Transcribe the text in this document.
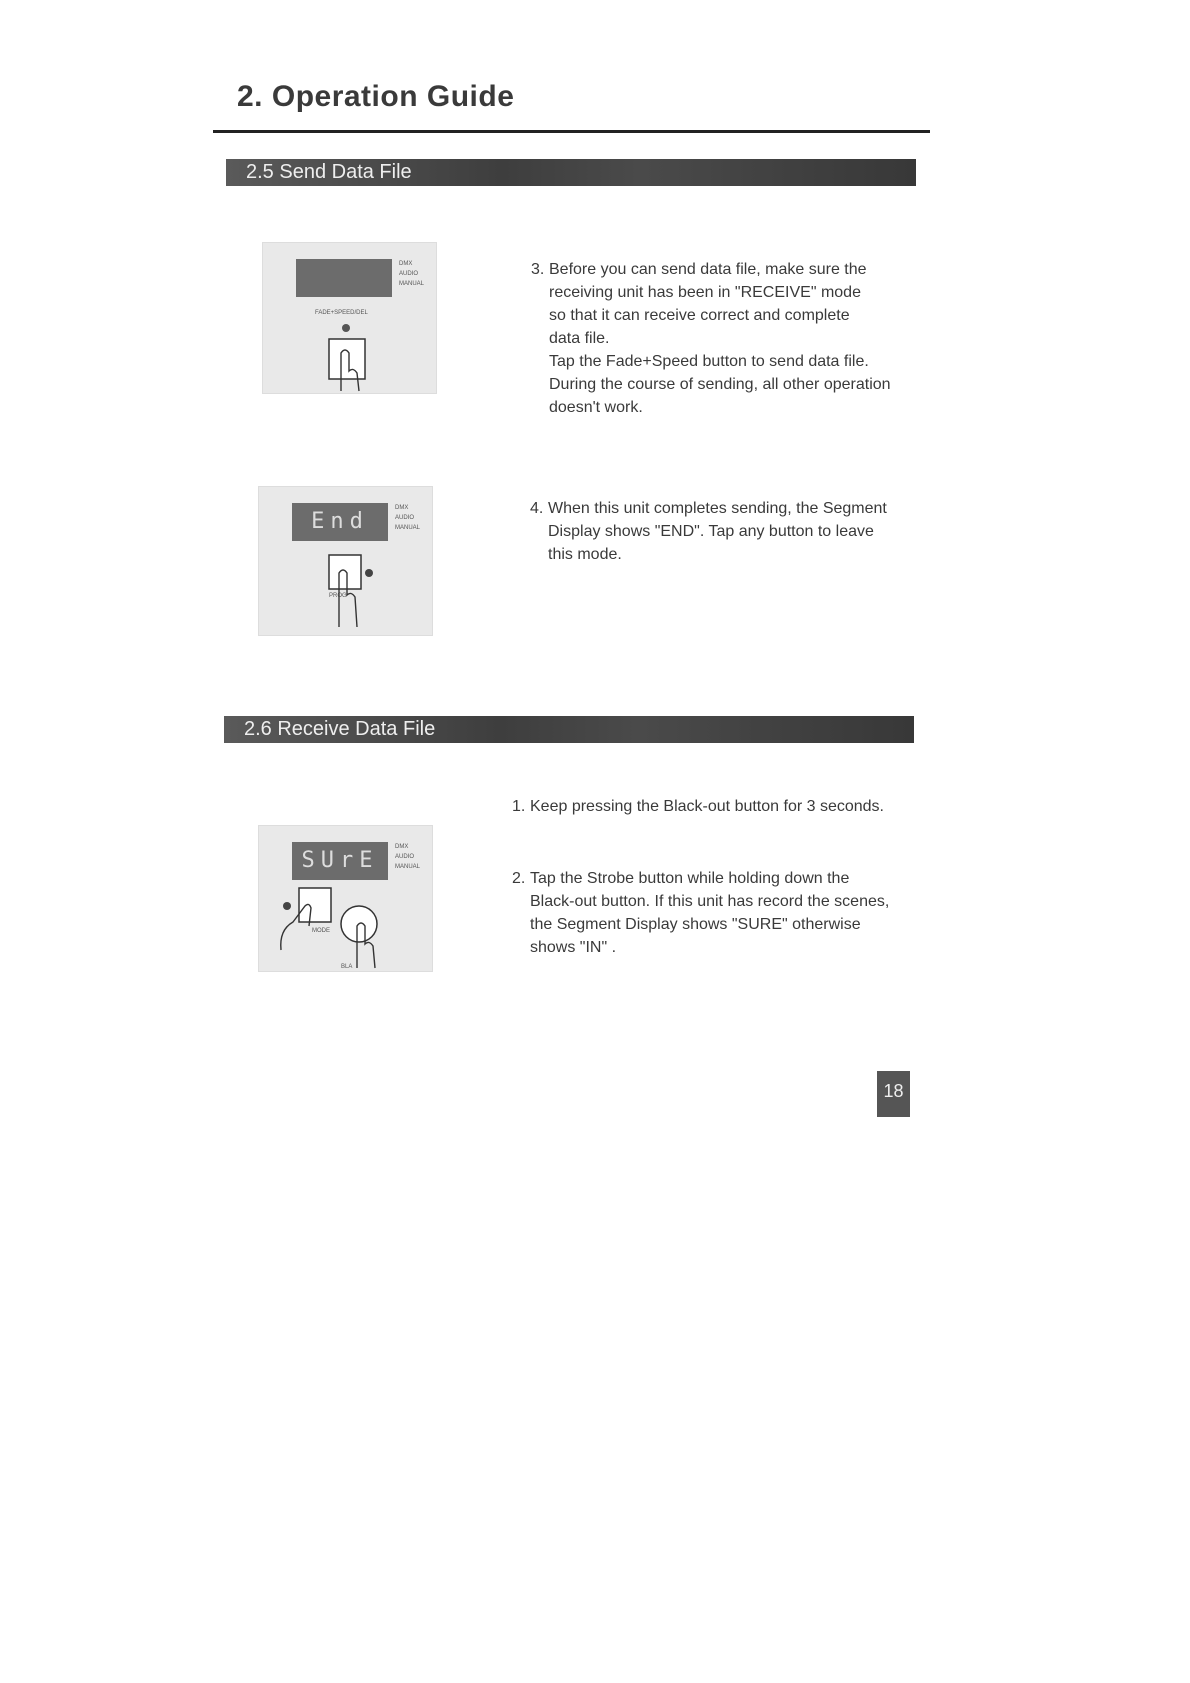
2. Operation Guide
2.5 Send Data File
DMX
AUDIO
MANUAL
FADE+SPEED/DEL
3. Before you can send data file, make sure the

receiving unit has been in "RECEIVE" mode

so that it can receive correct and complete

data file.

Tap the Fade+Speed button to send data file.

During the course of sending, all other operation

doesn't work.

End
DMX
AUDIO
MANUAL
PROG
4. When this unit completes sending, the Segment

Display shows "END". Tap any button to leave

this mode.

2.6 Receive Data File
1. Keep pressing the Black-out button for 3 seconds.

SUrE
DMX
AUDIO
MANUAL
MODE
BLA
2. Tap the Strobe button while holding down the

Black-out button. If this unit has record the scenes,

the Segment Display shows "SURE" otherwise

shows "IN" .

18
